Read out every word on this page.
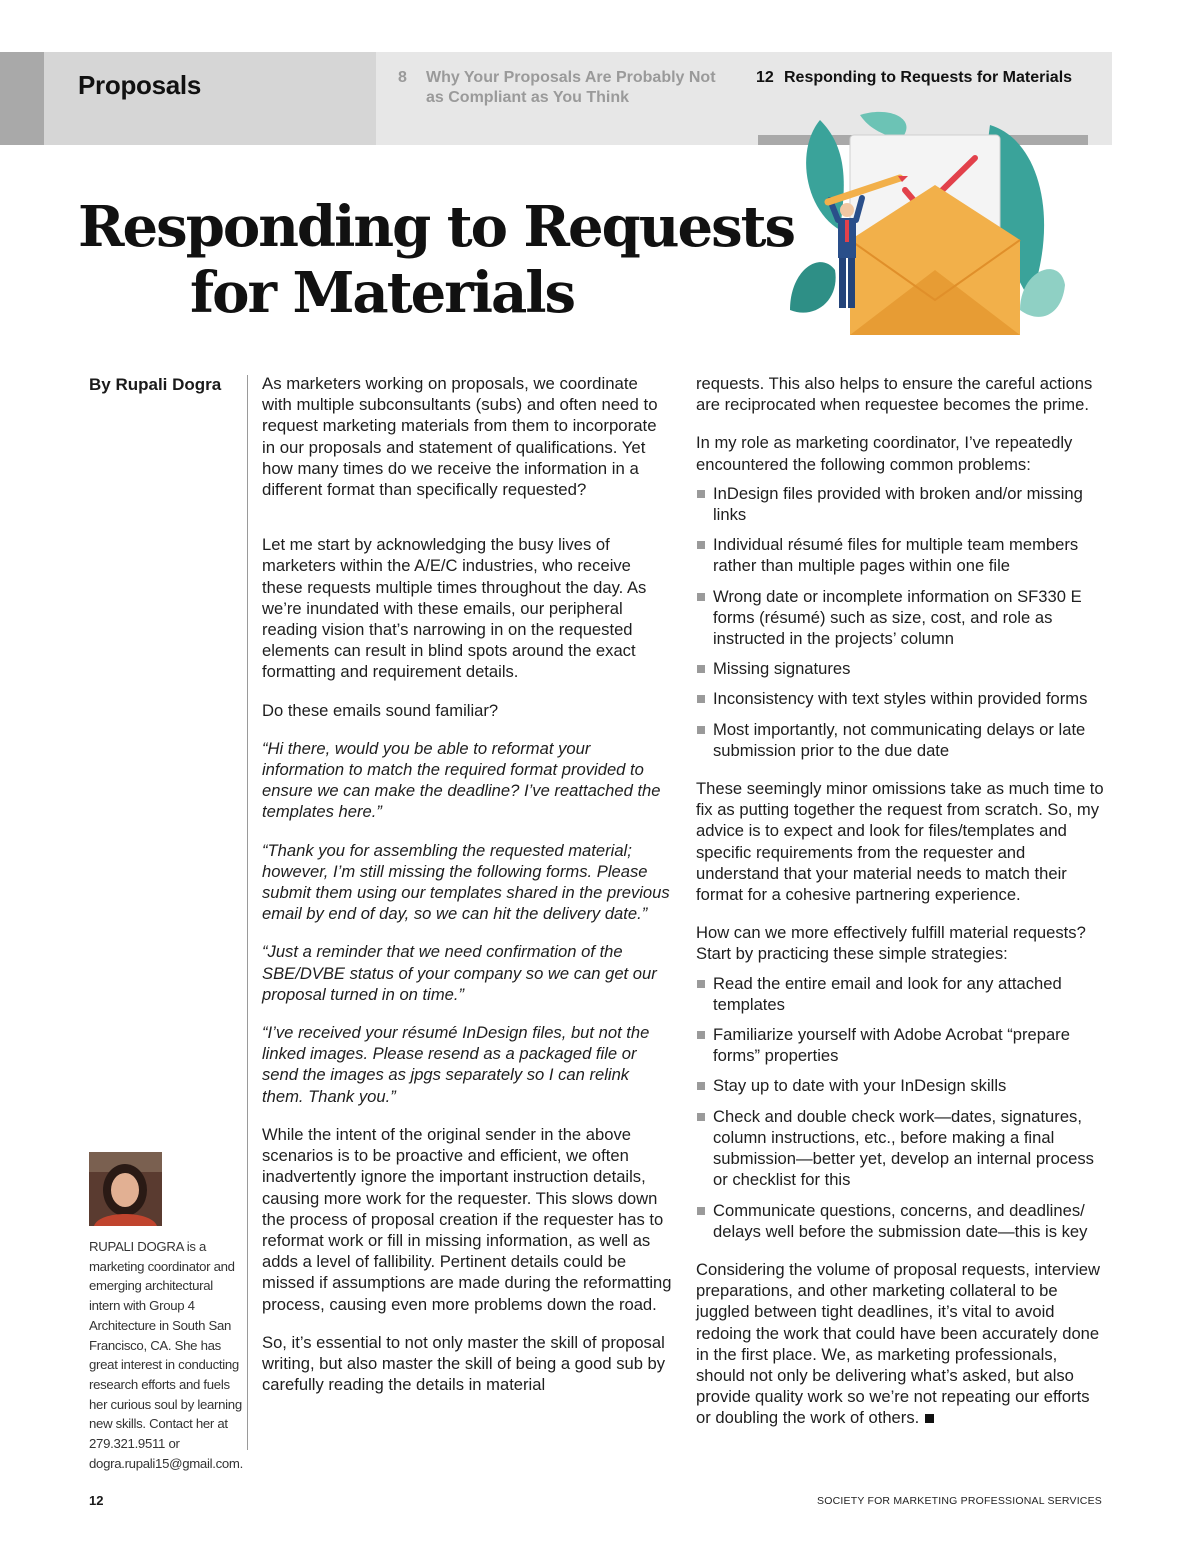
Proposals	8 Why Your Proposals Are Probably Not as Compliant as You Think
12 Responding to Requests for Materials
Responding to Requests
for Materials
By Rupali Dogra As marketers working on proposals, we coordinate with multiple subconsultants (subs) and often need to request marketing materials from them to incorporate in our proposals and statement of qualifications. Yet how many times do we receive the information in a different format than specifically requested?

Let me start by acknowledging the busy lives of marketers within the A/E/C industries, who receive these requests multiple times throughout the day. As we’re inundated with these emails, our peripheral reading vision that’s narrowing in on the requested elements can result in blind spots around the exact formatting and requirement details.

Do these emails sound familiar?

“Hi there, would you be able to reformat your information to match the required format provided to ensure we can make the deadline? I’ve reattached the templates here.”

“Thank you for assembling the requested material; however, I’m still missing the following forms. Please submit them using our templates shared in the previous email by end of day, so we can hit the delivery date.”

“Just a reminder that we need confirmation of the SBE/DVBE status of your company so we can get our proposal turned in on time.”

“I’ve received your résumé InDesign files, but not the linked images. Please resend as a packaged file or send the images as jpgs separately so I can relink them. Thank you.”

While the intent of the original sender in the above scenarios is to be proactive and efficient, we often inadvertently ignore the important instruction details, causing more work for the requester. This slows down the process of proposal creation if the requester has to reformat work or fill in missing information, as well as adds a level of fallibility. Pertinent details could be missed if assumptions are made during the reformatting process, causing even more problems down the road.

So, it’s essential to not only master the skill of proposal writing, but also master the skill of being a good sub by carefully reading the details in material

requests. This also helps to ensure the careful actions are reciprocated when requestee becomes the prime.

In my role as marketing coordinator, I’ve repeatedly encountered the following common problems:

InDesign files provided with broken and/or missing links
Individual résumé files for multiple team members rather than multiple pages within one file
Wrong date or incomplete information on SF330 E forms (résumé) such as size, cost, and role as instructed in the projects’ column
Missing signatures
Inconsistency with text styles within provided forms
Most importantly, not communicating delays or late submission prior to the due date

These seemingly minor omissions take as much time to fix as putting together the request from scratch. So, my advice is to expect and look for files/templates and specific requirements from the requester and understand that your material needs to match their format for a cohesive partnering experience.

How can we more effectively fulfill material requests? Start by practicing these simple strategies:

Read the entire email and look for any attached templates
Familiarize yourself with Adobe Acrobat “prepare forms” properties
Stay up to date with your InDesign skills
Check and double check work—dates, signatures, column instructions, etc., before making a final submission—better yet, develop an internal process or checklist for this
Communicate questions, concerns, and deadlines/ delays well before the submission date—this is key

Considering the volume of proposal requests, interview preparations, and other marketing collateral to be juggled between tight deadlines, it’s vital to avoid redoing the work that could have been accurately done in the first place. We, as marketing professionals, should not only be delivering what’s asked, but also provide quality work so we’re not repeating our efforts or doubling the work of others.

RUPALI DOGRA is a marketing coordinator and emerging architectural intern with Group 4 Architecture in South San Francisco, CA. She has great interest in conducting research efforts and fuels her curious soul by learning new skills. Contact her at 279.321.9511 or dogra.rupali15@gmail.com.
12	SOCIETY FOR MARKETING PROFESSIONAL SERVICES
